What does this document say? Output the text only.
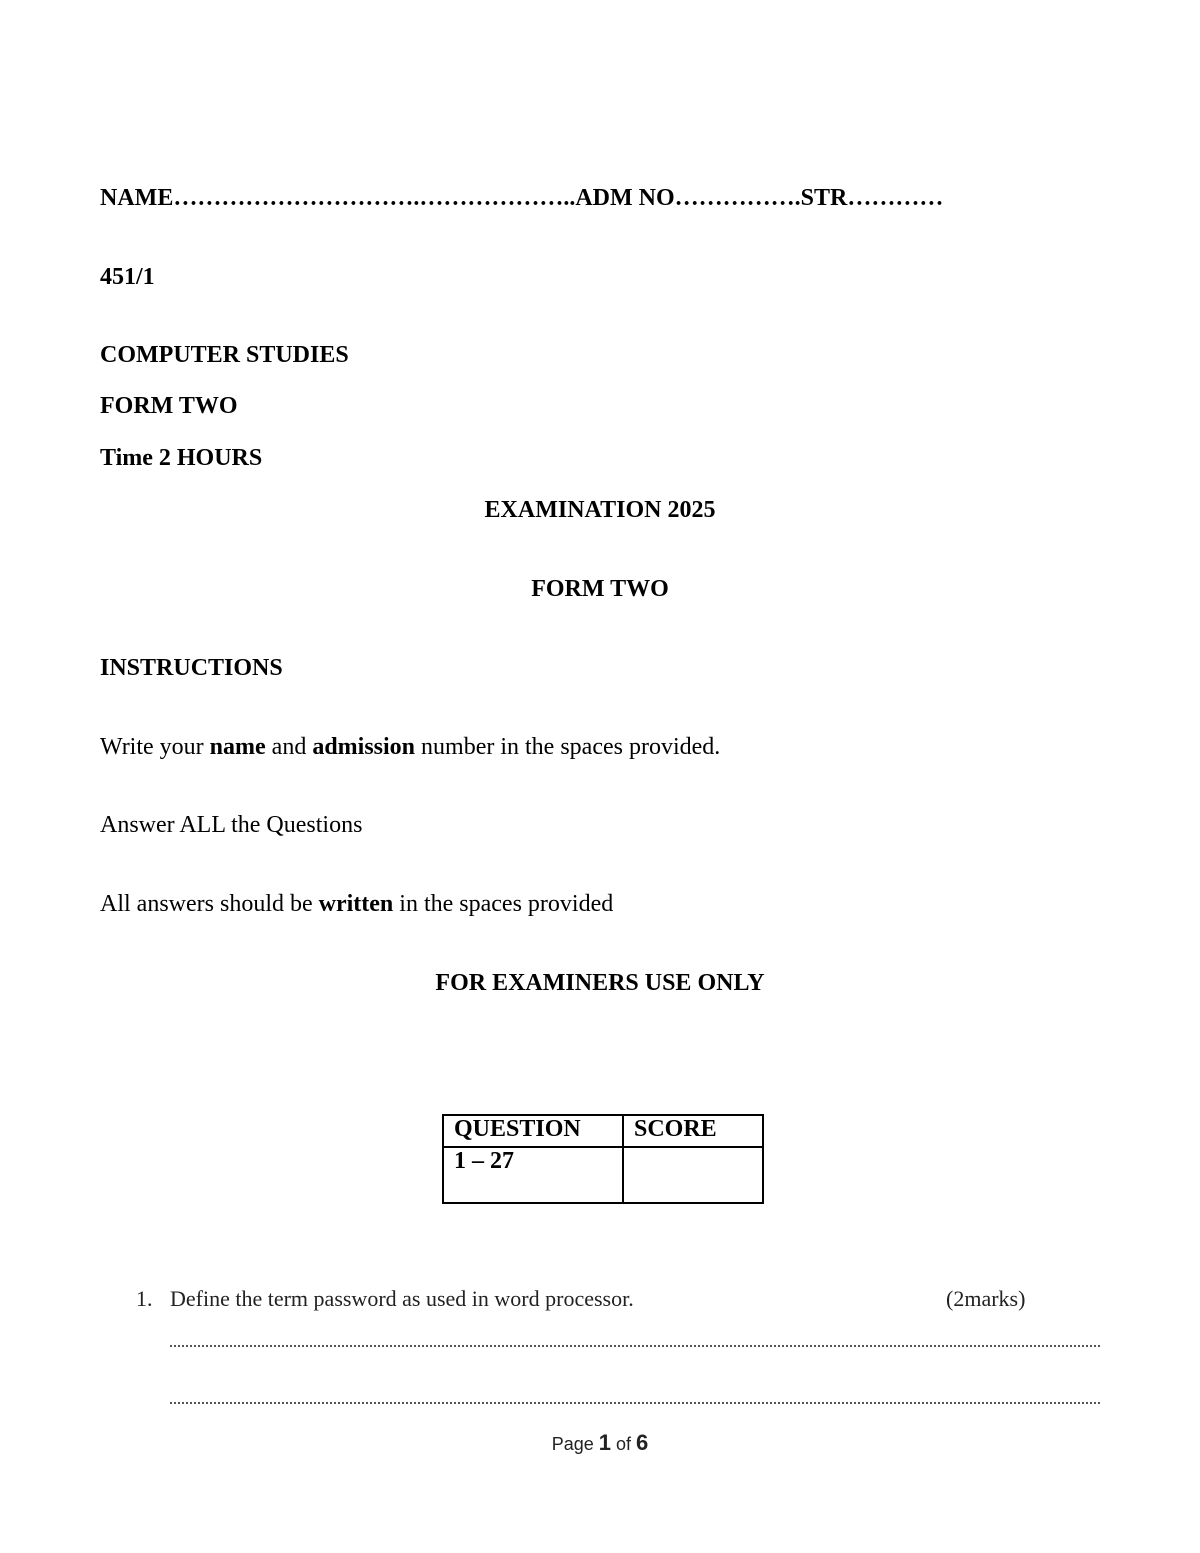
NAME………………………….………………..ADM NO…………….STR…………
451/1
COMPUTER STUDIES
FORM TWO
Time 2 HOURS
EXAMINATION 2025
FORM TWO
INSTRUCTIONS
Write your name and admission number in the spaces provided.
Answer ALL the Questions
All answers should be written in the spaces provided
FOR EXAMINERS USE ONLY
QUESTION	SCORE
1 – 27	
1. Define the term password as used in word processor.	(2marks)
Page 1 of 6
